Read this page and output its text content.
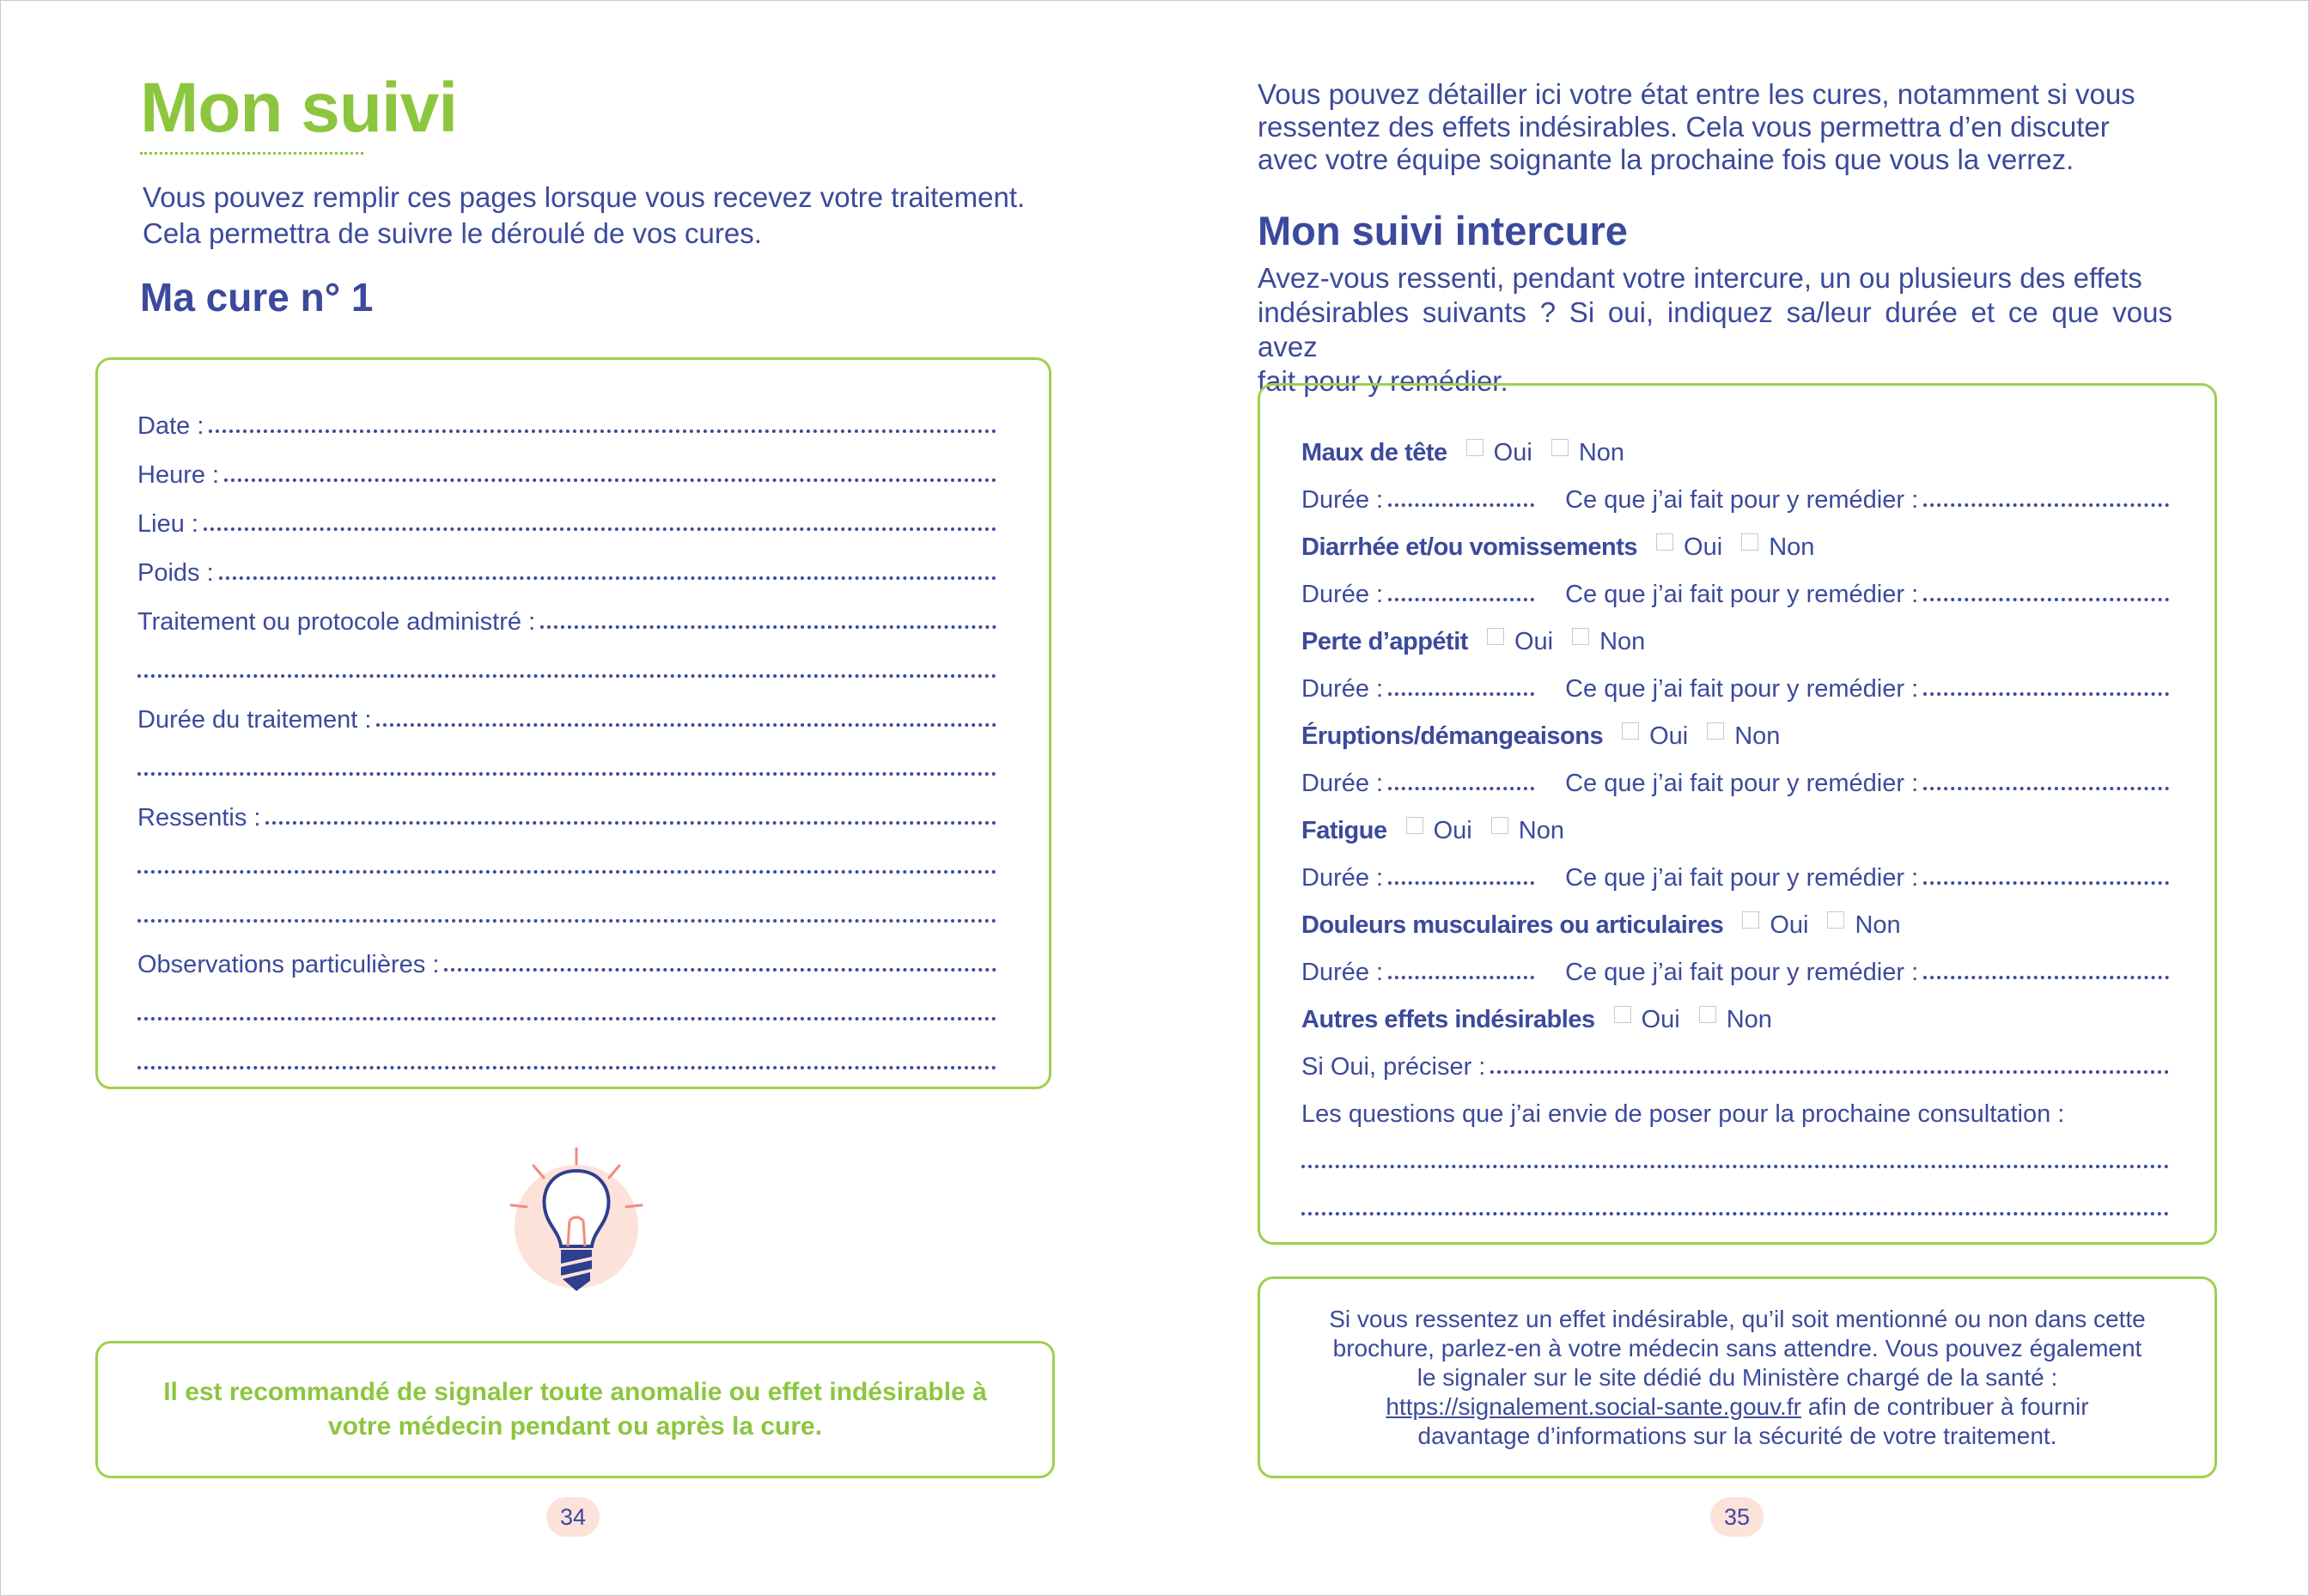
Mon suivi

Vous pouvez remplir ces pages lorsque vous recevez votre traitement.
Cela permettra de suivre le déroulé de vos cures.

Ma cure n° 1
Date :
Heure :
Lieu :
Poids :
Traitement ou protocole administré :
Durée du traitement :
Ressentis :
Observations particulières :

Il est recommandé de signaler toute anomalie ou effet indésirable à
votre médecin pendant ou après la cure.

34

Vous pouvez détailler ici votre état entre les cures, notamment si vous
ressentez des effets indésirables. Cela vous permettra d’en discuter
avec votre équipe soignante la prochaine fois que vous la verrez.

Mon suivi intercure

Avez-vous ressenti, pendant votre intercure, un ou plusieurs des effets
indésirables suivants ? Si oui, indiquez sa/leur durée et ce que vous avez
fait pour y remédier.

Maux de tête Oui Non
Durée :	Ce que j’ai fait pour y remédier :
Diarrhée et/ou vomissements Oui Non
Durée :	Ce que j’ai fait pour y remédier :
Perte d’appétit Oui Non
Durée :	Ce que j’ai fait pour y remédier :
Éruptions/démangeaisons Oui Non
Durée :	Ce que j’ai fait pour y remédier :
Fatigue Oui Non
Durée :	Ce que j’ai fait pour y remédier :
Douleurs musculaires ou articulaires Oui Non
Durée :	Ce que j’ai fait pour y remédier :
Autres effets indésirables Oui Non
Si Oui, préciser :
Les questions que j’ai envie de poser pour la prochaine consultation :

Si vous ressentez un effet indésirable, qu’il soit mentionné ou non dans cette
brochure, parlez-en à votre médecin sans attendre. Vous pouvez également
le signaler sur le site dédié du Ministère chargé de la santé :
https://signalement.social-sante.gouv.fr afin de contribuer à fournir
davantage d’informations sur la sécurité de votre traitement.

35
